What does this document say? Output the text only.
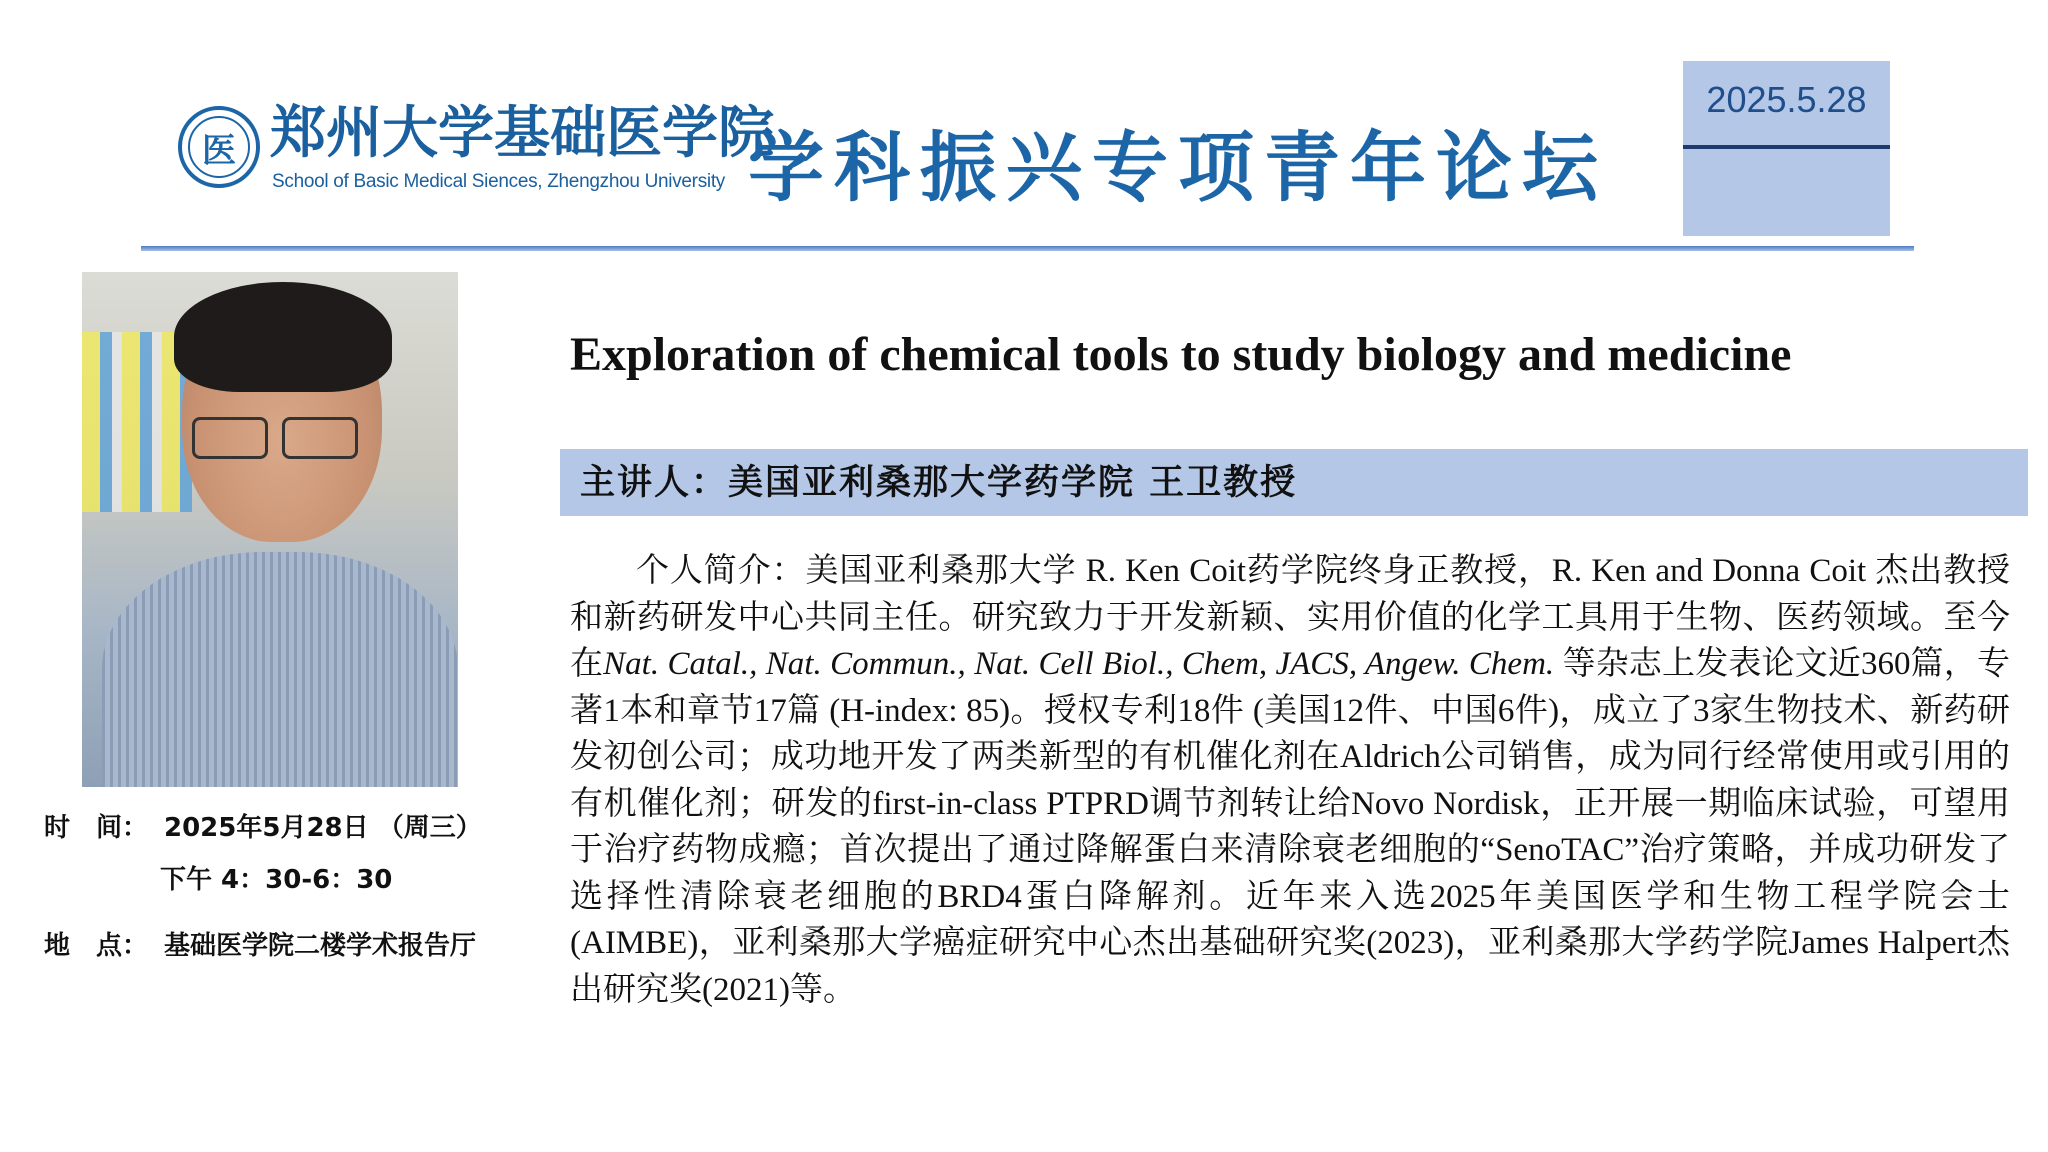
医 郑州大学基础医学院
School of Basic Medical Siences, Zhengzhou University 学科振兴专项青年论坛
2025.5.28
时　间： 2025年5月28日 （周三）
下午 4：30-6：30
地　点： 基础医学院二楼学术报告厅
Exploration of chemical tools to study biology and medicine
主讲人：美国亚利桑那大学药学院 王卫教授
个人简介：美国亚利桑那大学 R. Ken Coit药学院终身正教授，R. Ken and Donna Coit 杰出教授和新药研发中心共同主任。研究致力于开发新颖、实用价值的化学工具用于生物、医药领域。至今在Nat. Catal., Nat. Commun., Nat. Cell Biol., Chem, JACS, Angew. Chem. 等杂志上发表论文近360篇，专著1本和章节17篇 (H-index: 85)。授权专利18件 (美国12件、中国6件)，成立了3家生物技术、新药研发初创公司；成功地开发了两类新型的有机催化剂在Aldrich公司销售，成为同行经常使用或引用的有机催化剂；研发的first-in-class PTPRD调节剂转让给Novo Nordisk，正开展一期临床试验，可望用于治疗药物成瘾；首次提出了通过降解蛋白来清除衰老细胞的“SenoTAC”治疗策略，并成功研发了选择性清除衰老细胞的BRD4蛋白降解剂。近年来入选2025年美国医学和生物工程学院会士 (AIMBE)，亚利桑那大学癌症研究中心杰出基础研究奖(2023)，亚利桑那大学药学院James Halpert杰出研究奖(2021)等。
